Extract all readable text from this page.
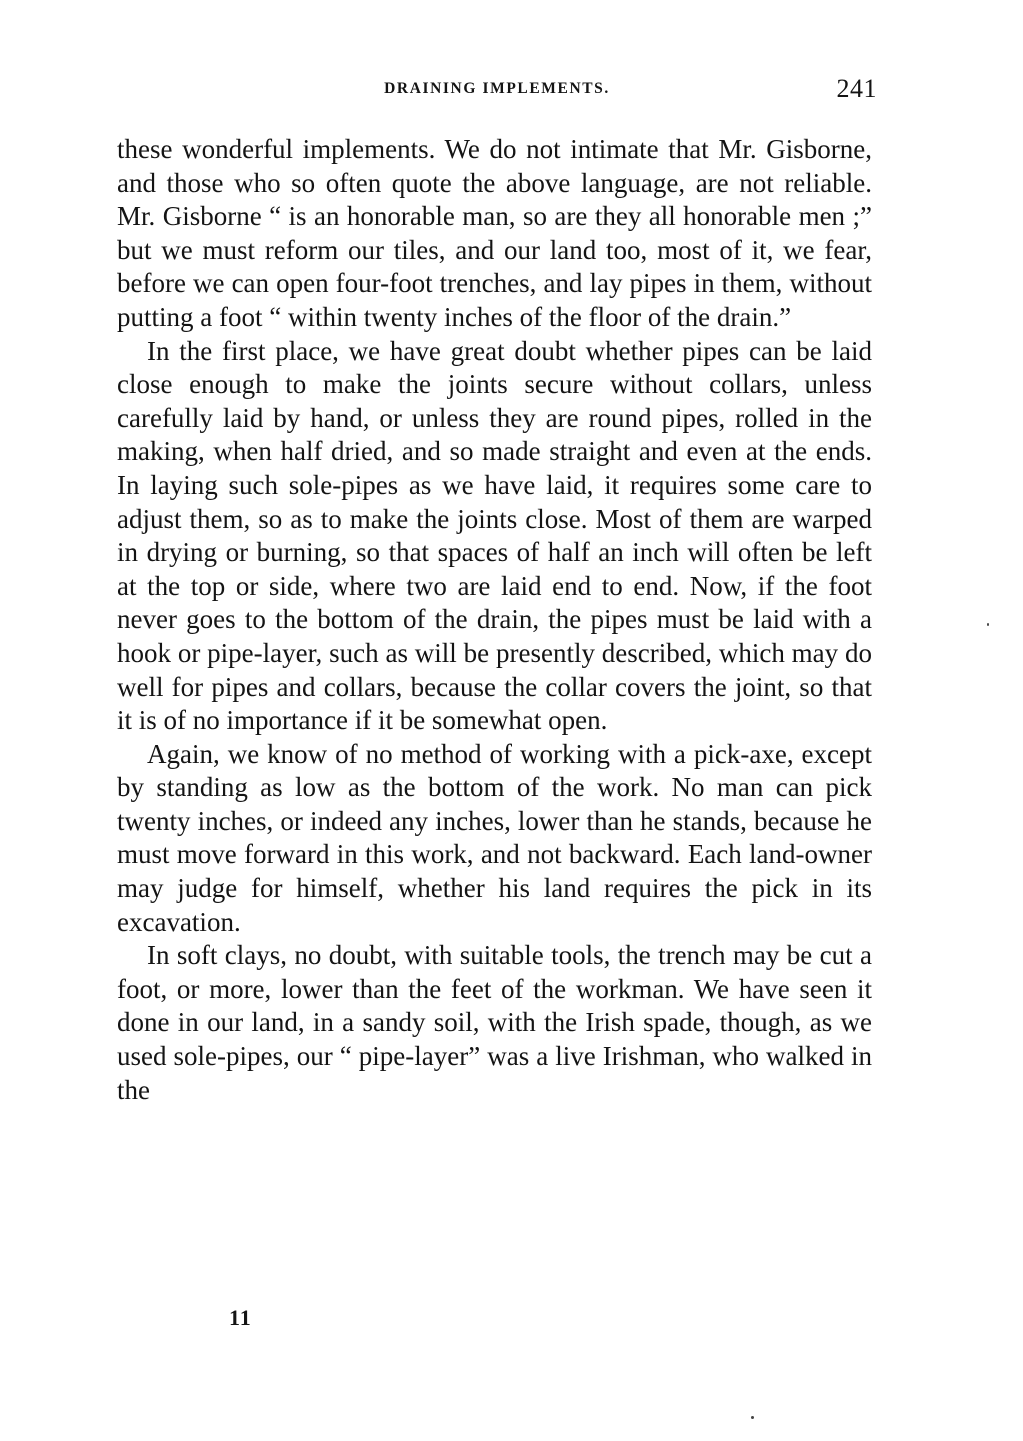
DRAINING IMPLEMENTS.	241

these wonderful implements. We do not intimate that Mr. Gisborne, and those who so often quote the above language, are not reliable. Mr. Gisborne “ is an honorable man, so are they all honorable men ;” but we must reform our tiles, and our land too, most of it, we fear, before we can open four-foot trenches, and lay pipes in them, without putting a foot “ within twenty inches of the floor of the drain.”

In the first place, we have great doubt whether pipes can be laid close enough to make the joints secure without collars, unless carefully laid by hand, or unless they are round pipes, rolled in the making, when half dried, and so made straight and even at the ends. In laying such sole-pipes as we have laid, it requires some care to adjust them, so as to make the joints close. Most of them are warped in drying or burning, so that spaces of half an inch will often be left at the top or side, where two are laid end to end. Now, if the foot never goes to the bottom of the drain, the pipes must be laid with a hook or pipe-layer, such as will be presently described, which may do well for pipes and collars, because the collar covers the joint, so that it is of no importance if it be somewhat open.

Again, we know of no method of working with a pick-axe, except by standing as low as the bottom of the work. No man can pick twenty inches, or indeed any inches, lower than he stands, because he must move forward in this work, and not backward. Each land-owner may judge for himself, whether his land requires the pick in its excavation.

In soft clays, no doubt, with suitable tools, the trench may be cut a foot, or more, lower than the feet of the workman. We have seen it done in our land, in a sandy soil, with the Irish spade, though, as we used sole-pipes, our “ pipe-layer” was a live Irishman, who walked in the

11
